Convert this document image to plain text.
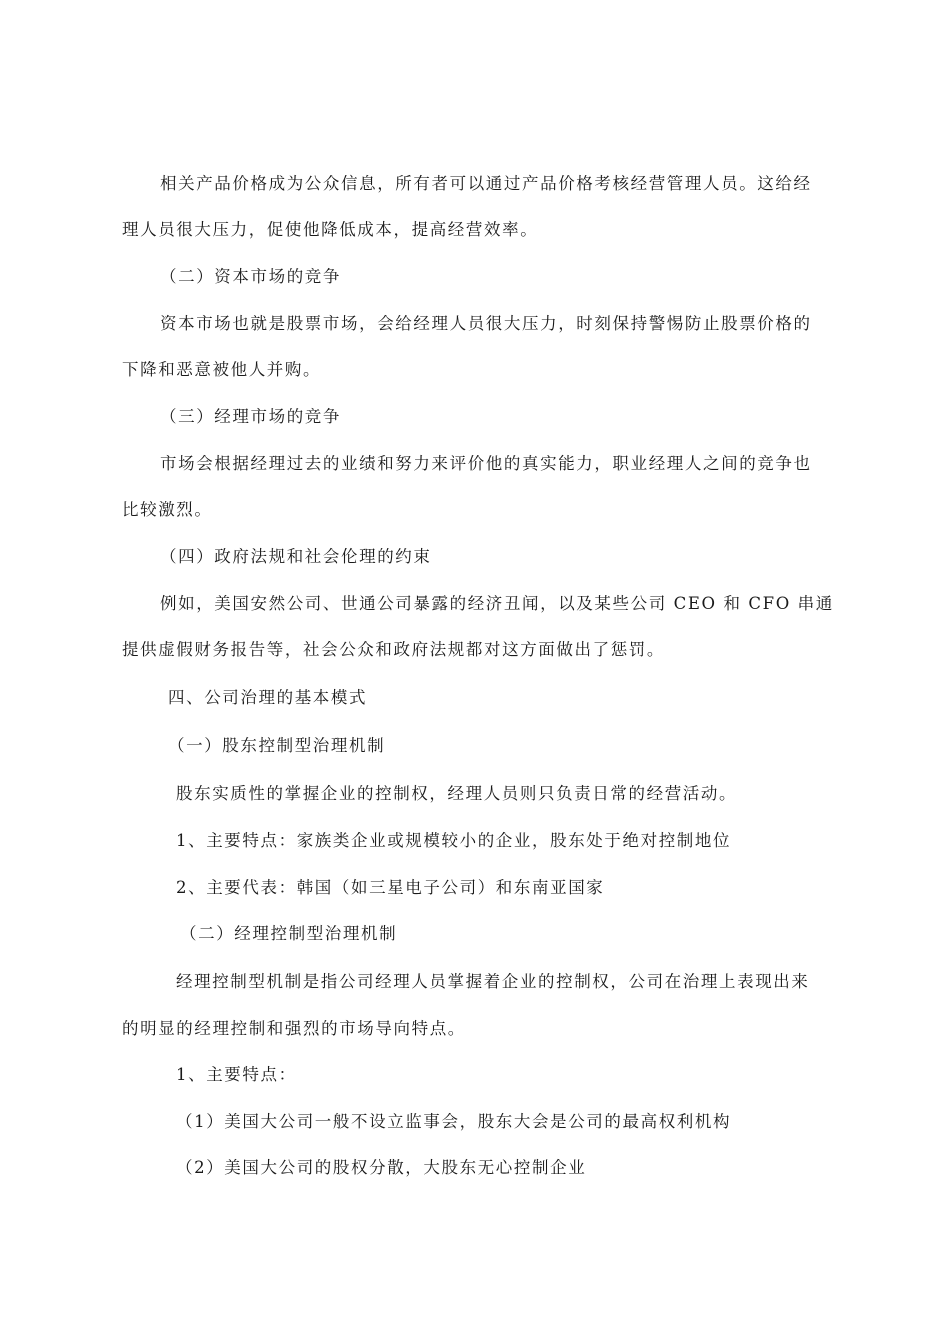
相关产品价格成为公众信息，所有者可以通过产品价格考核经营管理人员。这给经
理人员很大压力，促使他降低成本，提高经营效率。
（二）资本市场的竞争
资本市场也就是股票市场，会给经理人员很大压力，时刻保持警惕防止股票价格的
下降和恶意被他人并购。
（三）经理市场的竞争
市场会根据经理过去的业绩和努力来评价他的真实能力，职业经理人之间的竞争也
比较激烈。
（四）政府法规和社会伦理的约束
例如，美国安然公司、世通公司暴露的经济丑闻，以及某些公司 CEO 和 CFO 串通
提供虚假财务报告等，社会公众和政府法规都对这方面做出了惩罚。
四、公司治理的基本模式
（一）股东控制型治理机制
股东实质性的掌握企业的控制权，经理人员则只负责日常的经营活动。
1、主要特点：家族类企业或规模较小的企业，股东处于绝对控制地位
2、主要代表：韩国（如三星电子公司）和东南亚国家
（二）经理控制型治理机制
经理控制型机制是指公司经理人员掌握着企业的控制权，公司在治理上表现出来
的明显的经理控制和强烈的市场导向特点。
1、主要特点：
（1）美国大公司一般不设立监事会，股东大会是公司的最高权利机构
（2）美国大公司的股权分散，大股东无心控制企业
